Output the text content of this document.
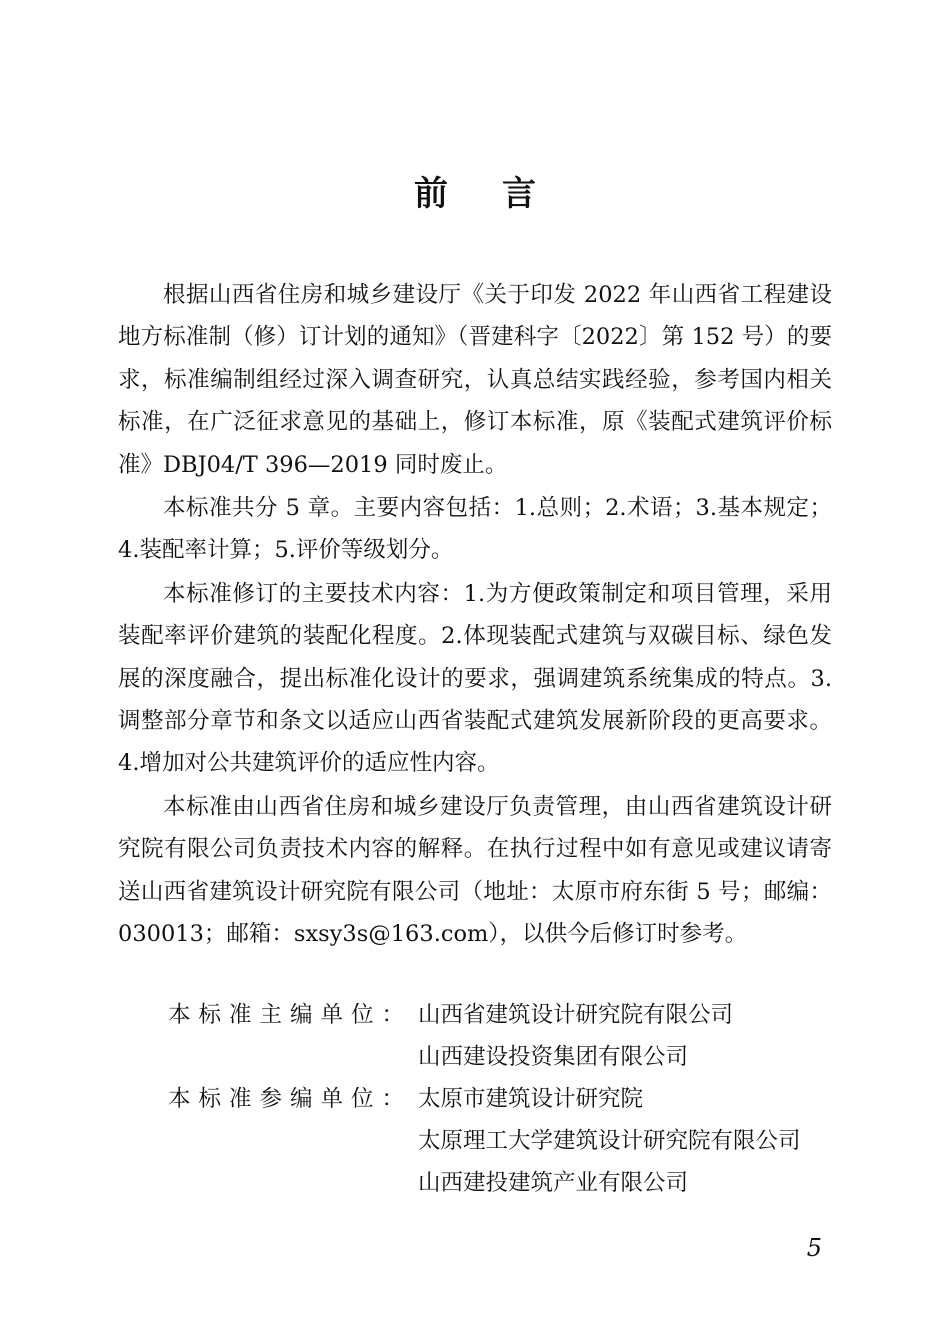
前言

根据山西省住房和城乡建设厅《关于印发 2022 年山西省工程建设地方标准制（修）订计划的通知》（晋建科字〔2022〕第 152 号）的要求，标准编制组经过深入调查研究，认真总结实践经验，参考国内相关标准，在广泛征求意见的基础上，修订本标准，原《装配式建筑评价标准》DBJ04/T 396—2019 同时废止。

本标准共分 5 章。主要内容包括：1.总则；2.术语；3.基本规定；4.装配率计算；5.评价等级划分。

本标准修订的主要技术内容：1.为方便政策制定和项目管理，采用装配率评价建筑的装配化程度。2.体现装配式建筑与双碳目标、绿色发展的深度融合，提出标准化设计的要求，强调建筑系统集成的特点。3.调整部分章节和条文以适应山西省装配式建筑发展新阶段的更高要求。4.增加对公共建筑评价的适应性内容。

本标准由山西省住房和城乡建设厅负责管理，由山西省建筑设计研究院有限公司负责技术内容的解释。在执行过程中如有意见或建议请寄送山西省建筑设计研究院有限公司（地址：太原市府东街 5 号；邮编：030013；邮箱：sxsy3s@163.com），以供今后修订时参考。

本标准主编单位： 山西省建筑设计研究院有限公司
山西建设投资集团有限公司
本标准参编单位： 太原市建筑设计研究院
太原理工大学建筑设计研究院有限公司
山西建投建筑产业有限公司
5
